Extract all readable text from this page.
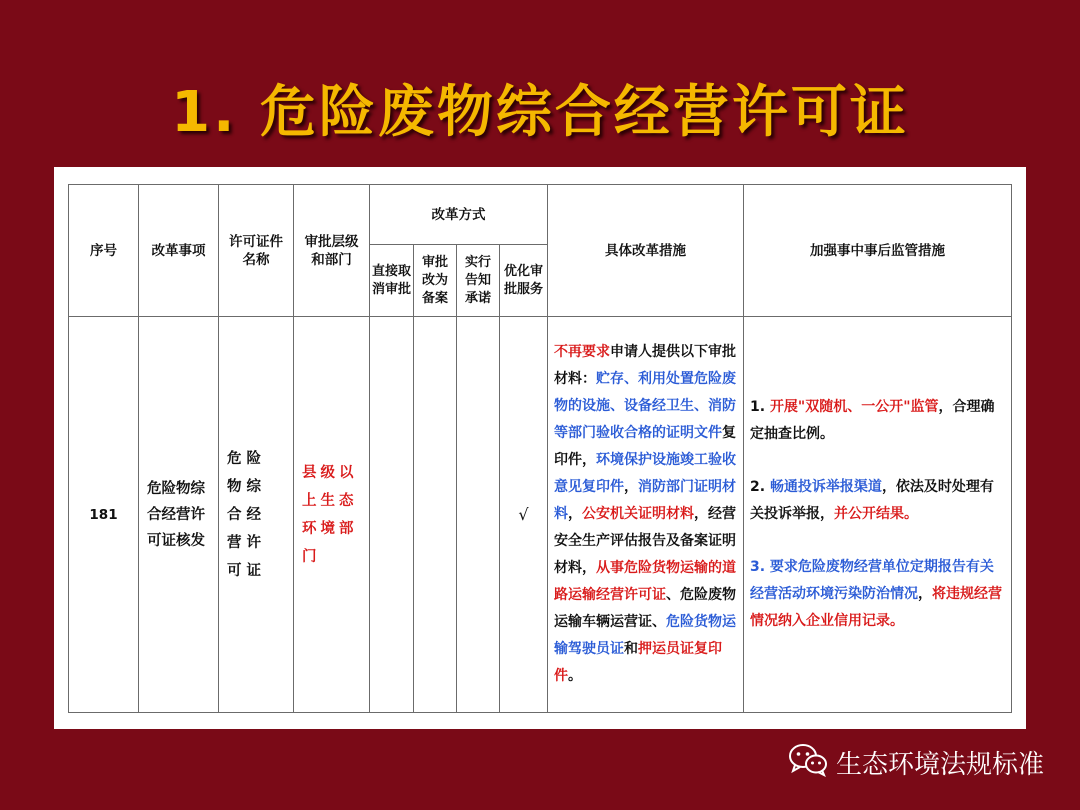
1. 危险废物综合经营许可证
序号	改革事项	许可证件名称	审批层级和部门	改革方式				具体改革措施	加强事中事后监管措施
				直接取消审批	审批改为备案	实行告知承诺	优化审批服务		
181	危险物综合经营许可证核发	危险物综合经营许可证	县级以上生态环境部门				√	不再要求申请人提供以下审批材料：贮存、利用处置危险废物的设施、设备经卫生、消防等部门验收合格的证明文件复印件，环境保护设施竣工验收意见复印件，消防部门证明材料，公安机关证明材料，经营安全生产评估报告及备案证明材料，从事危险货物运输的道路运输经营许可证、危险废物运输车辆运营证、危险货物运输驾驶员证和押运员证复印件。	1. 开展"双随机、一公开"监管，合理确定抽查比例。
2. 畅通投诉举报渠道，依法及时处理有关投诉举报，并公开结果。
3. 要求危险废物经营单位定期报告有关经营活动环境污染防治情况，将违规经营情况纳入企业信用记录。
生态环境法规标准
